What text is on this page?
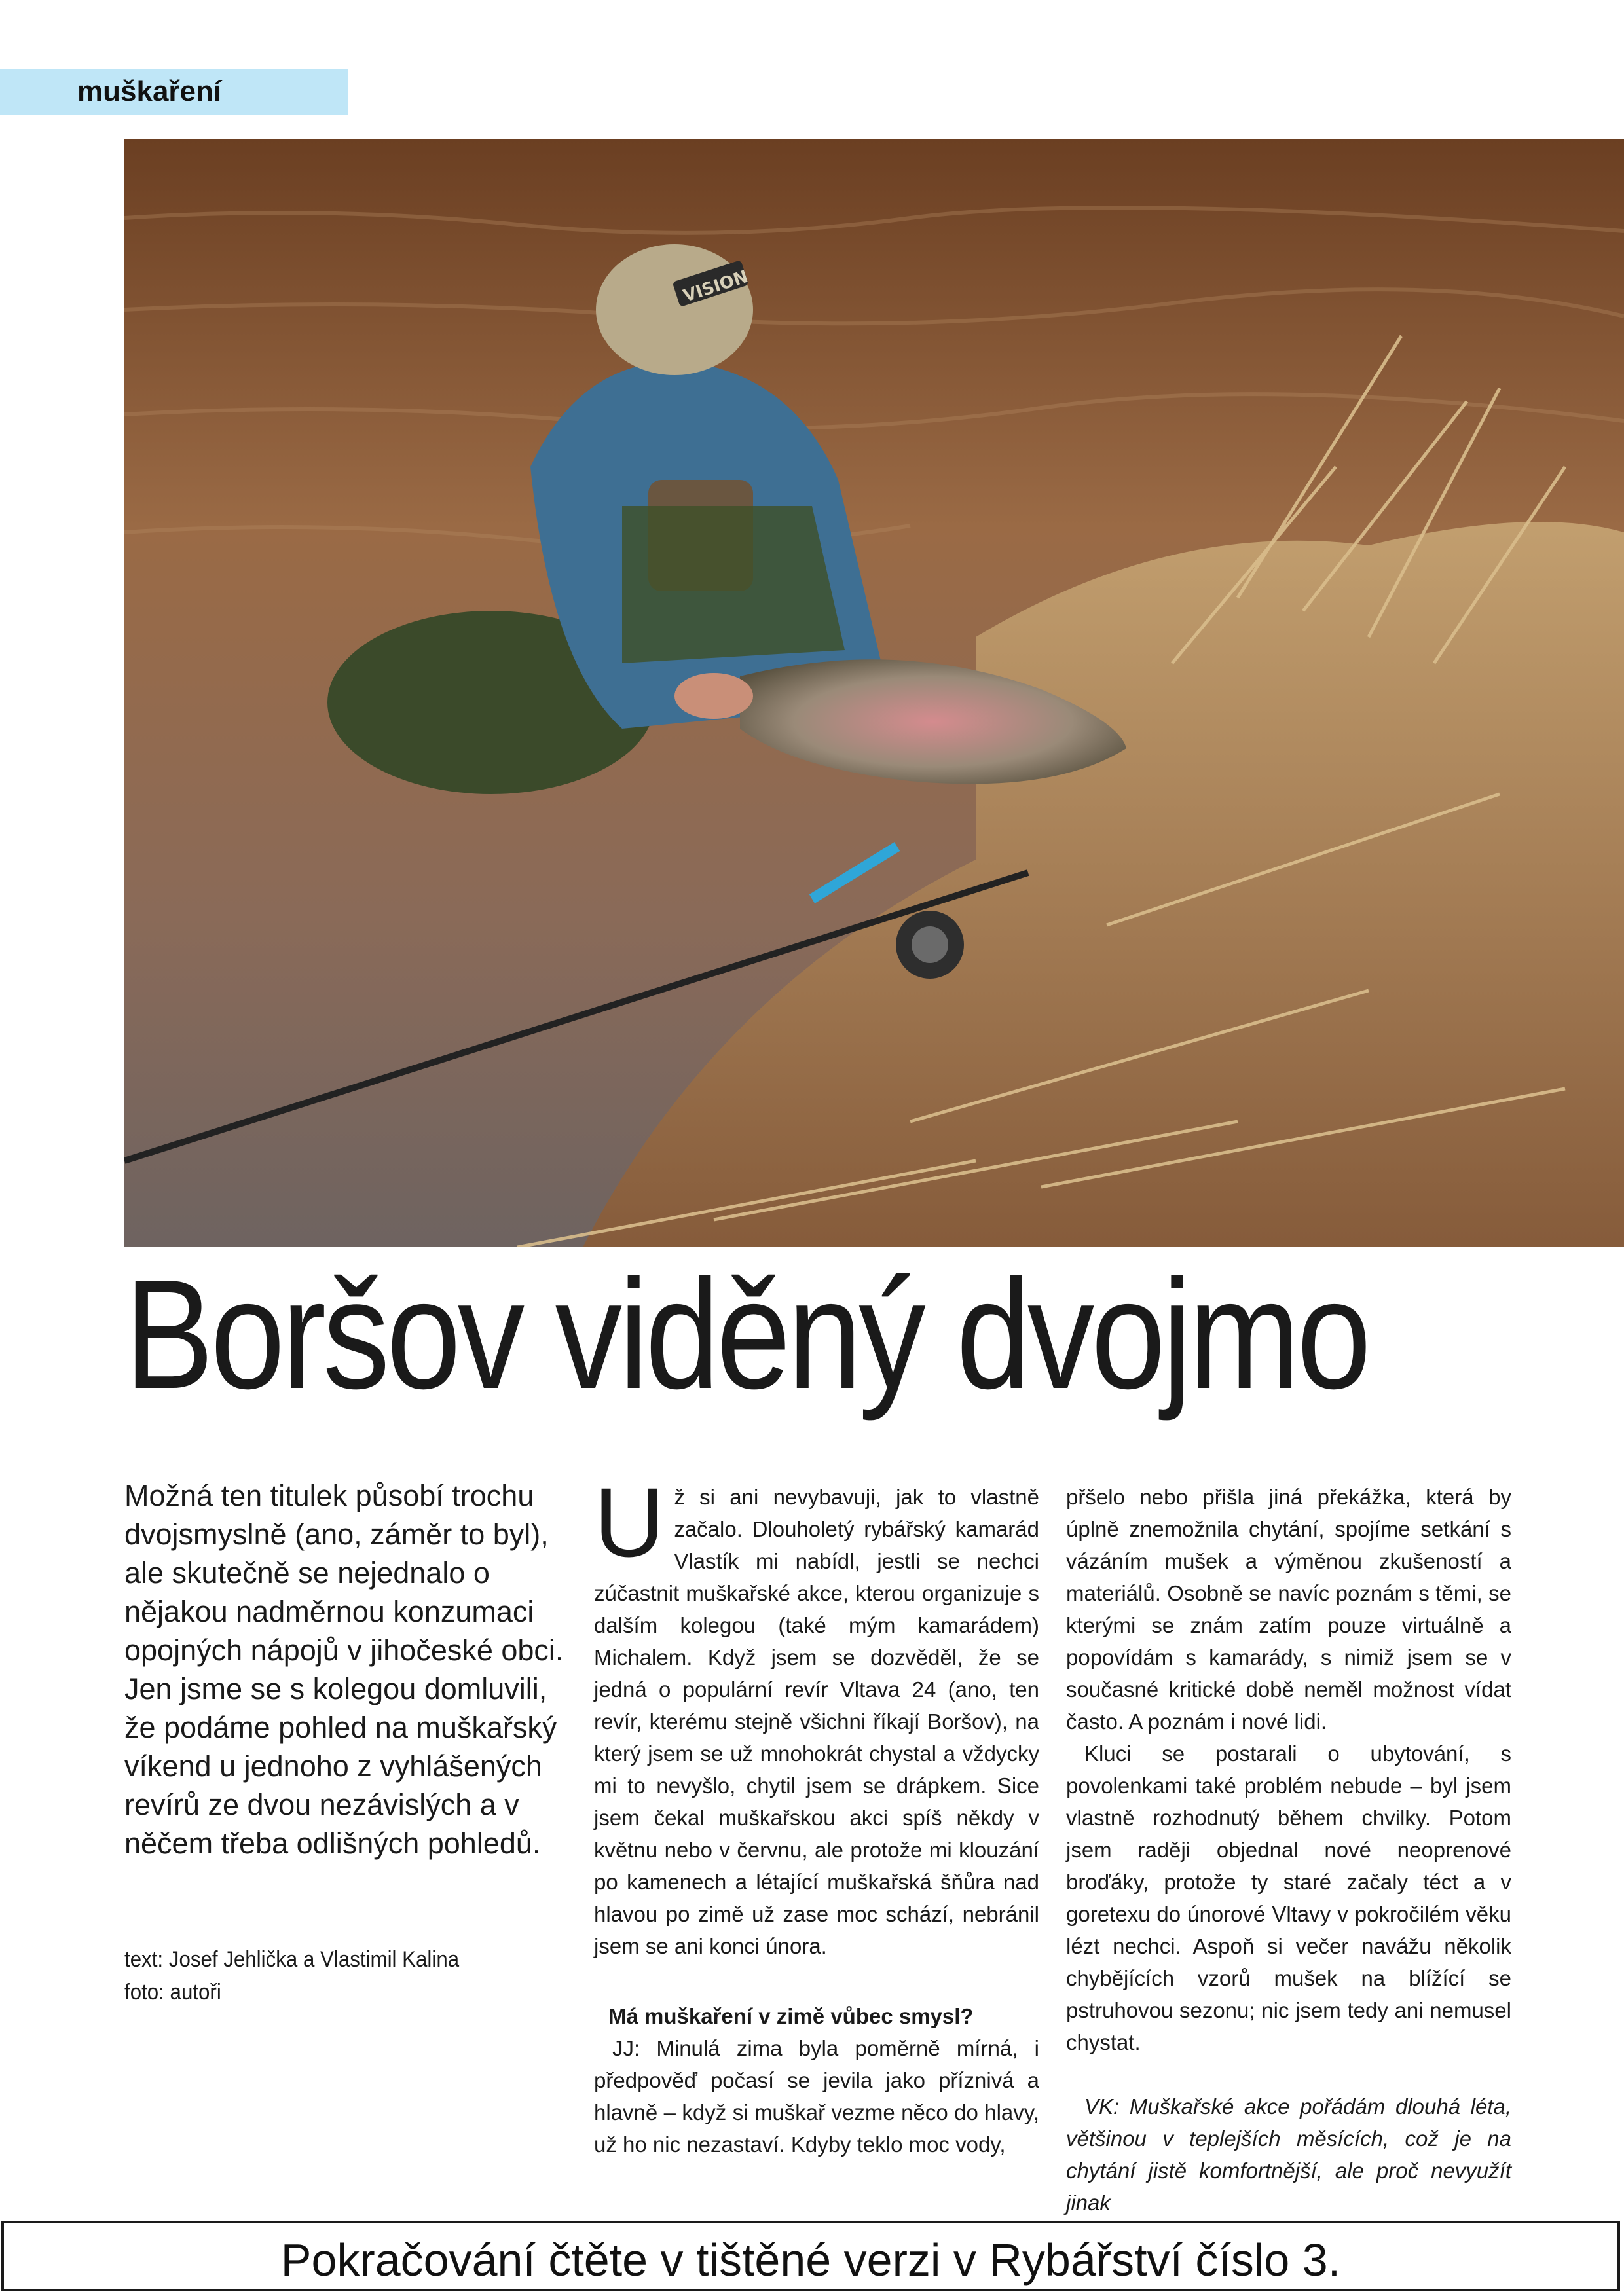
muškaření
VISION
Boršov viděný dvojmo

Možná ten titulek působí trochu dvojsmyslně (ano, záměr to byl), ale skutečně se nejednalo o nějakou nadměrnou konzumaci opojných nápojů v jihočeské obci. Jen jsme se s kolegou domluvili, že podáme pohled na muškařský víkend u jednoho z vyhlášených revírů ze dvou nezávislých a v něčem třeba odlišných pohledů.

text: Josef Jehlička a Vlastimil Kalina
foto: autoři

Už si ani nevybavuji, jak to vlastně začalo. Dlouholetý rybářský kamarád Vlastík mi nabídl, jestli se nechci zúčastnit muškařské akce, kterou organizuje s dalším kolegou (také mým kamarádem) Michalem. Když jsem se dozvěděl, že se jedná o populární revír Vltava 24 (ano, ten revír, kterému stejně všichni říkají Boršov), na který jsem se už mnohokrát chystal a vždycky mi to nevyšlo, chytil jsem se drápkem. Sice jsem čekal muškařskou akci spíš někdy v květnu nebo v červnu, ale protože mi klouzání po kamenech a létající muškařská šňůra nad hlavou po zimě už zase moc schází, nebránil jsem se ani konci února.

Má muškaření v zimě vůbec smysl?

JJ: Minulá zima byla poměrně mírná, i předpověď počasí se jevila jako příznivá a hlavně – když si muškař vezme něco do hlavy, už ho nic nezastaví. Kdyby teklo moc vody,

přšelo nebo přišla jiná překážka, která by úplně znemožnila chytání, spojíme setkání s vázáním mušek a výměnou zkušeností a materiálů. Osobně se navíc poznám s těmi, se kterými se znám zatím pouze virtuálně a popovídám s kamarády, s nimiž jsem se v současné kritické době neměl možnost vídat často. A poznám i nové lidi.

Kluci se postarali o ubytování, s povolenkami také problém nebude – byl jsem vlastně rozhodnutý během chvilky. Potom jsem raději objednal nové neoprenové broďáky, protože ty staré začaly téct a v goretexu do únorové Vltavy v pokročilém věku lézt nechci. Aspoň si večer navážu několik chybějících vzorů mušek na blížící se pstruhovou sezonu; nic jsem tedy ani nemusel chystat.

VK: Muškařské akce pořádám dlouhá léta, většinou v teplejších měsících, což je na chytání jistě komfortnější, ale proč nevyužít jinak

Pokračování čtěte v tištěné verzi v Rybářství číslo 3.
